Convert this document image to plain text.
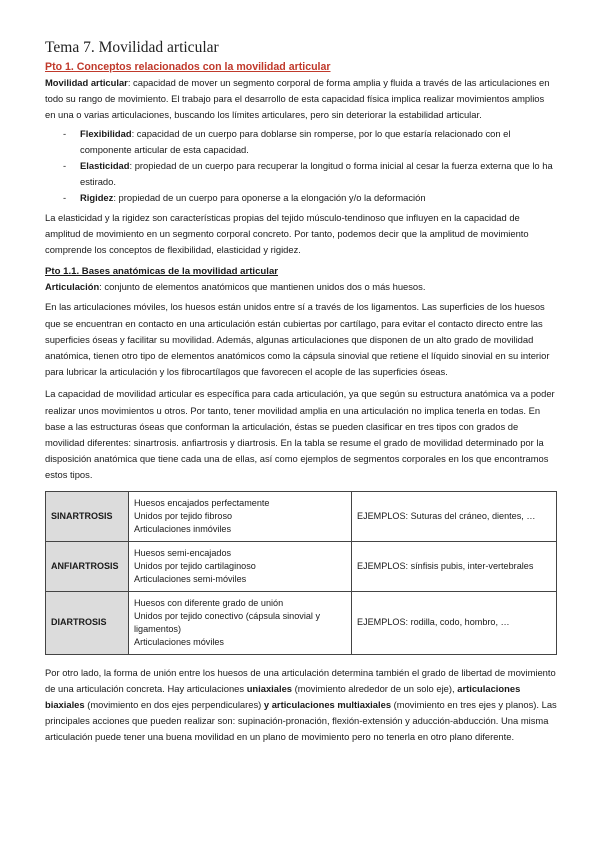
Tema 7. Movilidad articular
Pto 1. Conceptos relacionados con la movilidad articular

Movilidad articular: capacidad de mover un segmento corporal de forma amplia y fluida a través de las articulaciones en todo su rango de movimiento. El trabajo para el desarrollo de esta capacidad física implica realizar movimientos amplios en una o varias articulaciones, buscando los límites articulares, pero sin deteriorar la estabilidad articular.

- Flexibilidad: capacidad de un cuerpo para doblarse sin romperse, por lo que estaría relacionado con el componente articular de esta capacidad.
- Elasticidad: propiedad de un cuerpo para recuperar la longitud o forma inicial al cesar la fuerza externa que lo ha estirado.
- Rigidez: propiedad de un cuerpo para oponerse a la elongación y/o la deformación

La elasticidad y la rigidez son características propias del tejido músculo-tendinoso que influyen en la capacidad de amplitud de movimiento en un segmento corporal concreto. Por tanto, podemos decir que la amplitud de movimiento comprende los conceptos de flexibilidad, elasticidad y rigidez.

Pto 1.1. Bases anatómicas de la movilidad articular

Articulación: conjunto de elementos anatómicos que mantienen unidos dos o más huesos.

En las articulaciones móviles, los huesos están unidos entre sí a través de los ligamentos. Las superficies de los huesos que se encuentran en contacto en una articulación están cubiertas por cartílago, para evitar el contacto directo entre las superficies óseas y facilitar su movilidad. Además, algunas articulaciones que disponen de un alto grado de movilidad anatómica, tienen otro tipo de elementos anatómicos como la cápsula sinovial que retiene el líquido sinovial en su interior para lubricar la articulación y los fibrocartílagos que favorecen el acople de las superficies óseas.

La capacidad de movilidad articular es específica para cada articulación, ya que según su estructura anatómica va a poder realizar unos movimientos u otros. Por tanto, tener movilidad amplia en una articulación no implica tenerla en todas. En base a las estructuras óseas que conforman la articulación, éstas se pueden clasificar en tres tipos con grados de movilidad diferentes: sinartrosis. anfiartrosis y diartrosis. En la tabla se resume el grado de movilidad determinado por la disposición anatómica que tiene cada una de ellas, así como ejemplos de segmentos corporales en los que encontramos estos tipos.

SINARTROSIS	Huesos encajados perfectamente
Unidos por tejido fibroso
Articulaciones inmóviles	EJEMPLOS: Suturas del cráneo, dientes, …
ANFIARTROSIS	Huesos semi-encajados
Unidos por tejido cartilaginoso
Articulaciones semi-móviles	EJEMPLOS: sínfisis pubis, inter-vertebrales
DIARTROSIS	Huesos con diferente grado de unión
Unidos por tejido conectivo (cápsula sinovial y ligamentos)
Articulaciones móviles	EJEMPLOS: rodilla, codo, hombro, …

Por otro lado, la forma de unión entre los huesos de una articulación determina también el grado de libertad de movimiento de una articulación concreta. Hay articulaciones uniaxiales (movimiento alrededor de un solo eje), articulaciones biaxiales (movimiento en dos ejes perpendiculares) y articulaciones multiaxiales (movimiento en tres ejes y planos). Las principales acciones que pueden realizar son: supinación-pronación, flexión-extensión y aducción-abducción. Una misma articulación puede tener una buena movilidad en un plano de movimiento pero no tenerla en otro plano diferente.
